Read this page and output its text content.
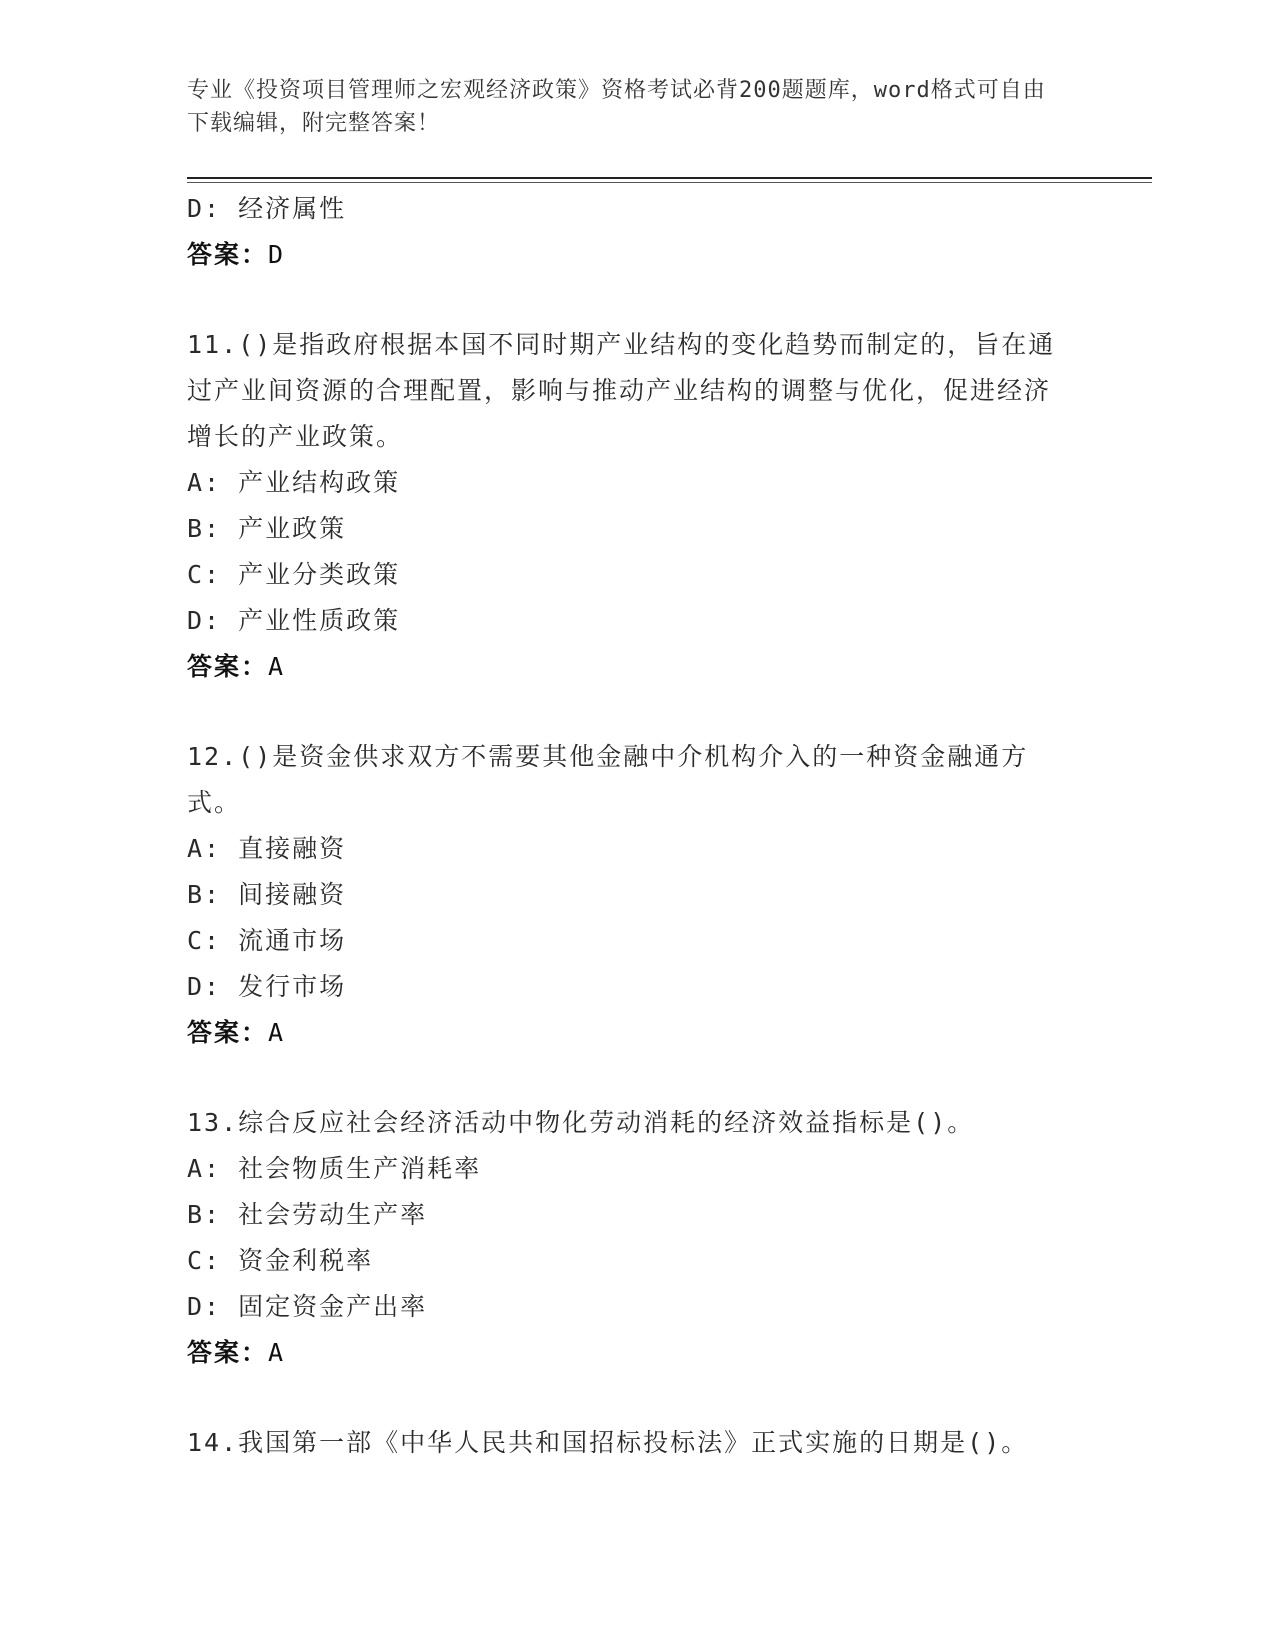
专业《投资项目管理师之宏观经济政策》资格考试必背200题题库，word格式可自由下载编辑，附完整答案！
D: 经济属性
答案：D
11.()是指政府根据本国不同时期产业结构的变化趋势而制定的，旨在通过产业间资源的合理配置，影响与推动产业结构的调整与优化，促进经济增长的产业政策。
A: 产业结构政策
B: 产业政策
C: 产业分类政策
D: 产业性质政策
答案：A
12.()是资金供求双方不需要其他金融中介机构介入的一种资金融通方式。
A: 直接融资
B: 间接融资
C: 流通市场
D: 发行市场
答案：A
13.综合反应社会经济活动中物化劳动消耗的经济效益指标是()。
A: 社会物质生产消耗率
B: 社会劳动生产率
C: 资金利税率
D: 固定资金产出率
答案：A
14.我国第一部《中华人民共和国招标投标法》正式实施的日期是()。
